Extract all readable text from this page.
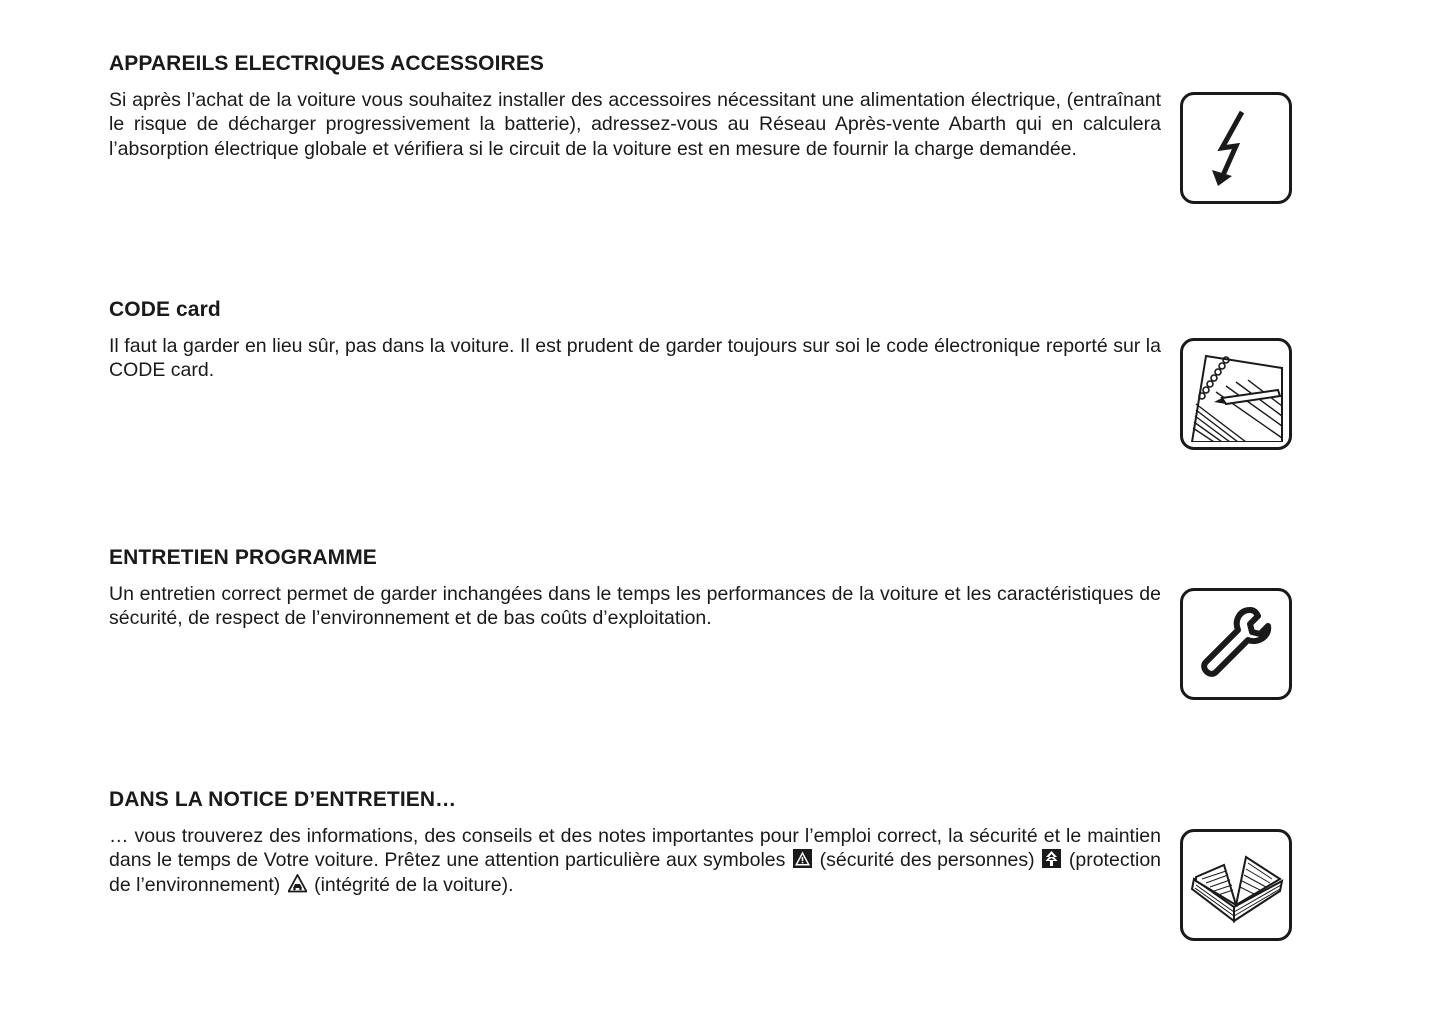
APPAREILS ELECTRIQUES ACCESSOIRES

Si après l’achat de la voiture vous souhaitez installer des accessoires nécessitant une alimentation électrique, (entraînant le risque de décharger progressivement la batterie), adressez-vous au Réseau Après-vente Abarth qui en calculera l’absorption électrique globale et vérifiera si le circuit de la voiture est en mesure de fournir la charge demandée.

CODE card

Il faut la garder en lieu sûr, pas dans la voiture. Il est prudent de garder toujours sur soi le code électronique reporté sur la CODE card.

ENTRETIEN PROGRAMME

Un entretien correct permet de garder inchangées dans le temps les performances de la voiture et les caractéristiques de sécurité, de respect de l’environnement et de bas coûts d’exploitation.

DANS LA NOTICE D’ENTRETIEN…

… vous trouverez des informations, des conseils et des notes importantes pour l’emploi correct, la sécurité et le maintien dans le temps de Votre voiture. Prêtez une attention particulière aux symboles (sécurité des personnes) (protection de l’environnement) (intégrité de la voiture).
